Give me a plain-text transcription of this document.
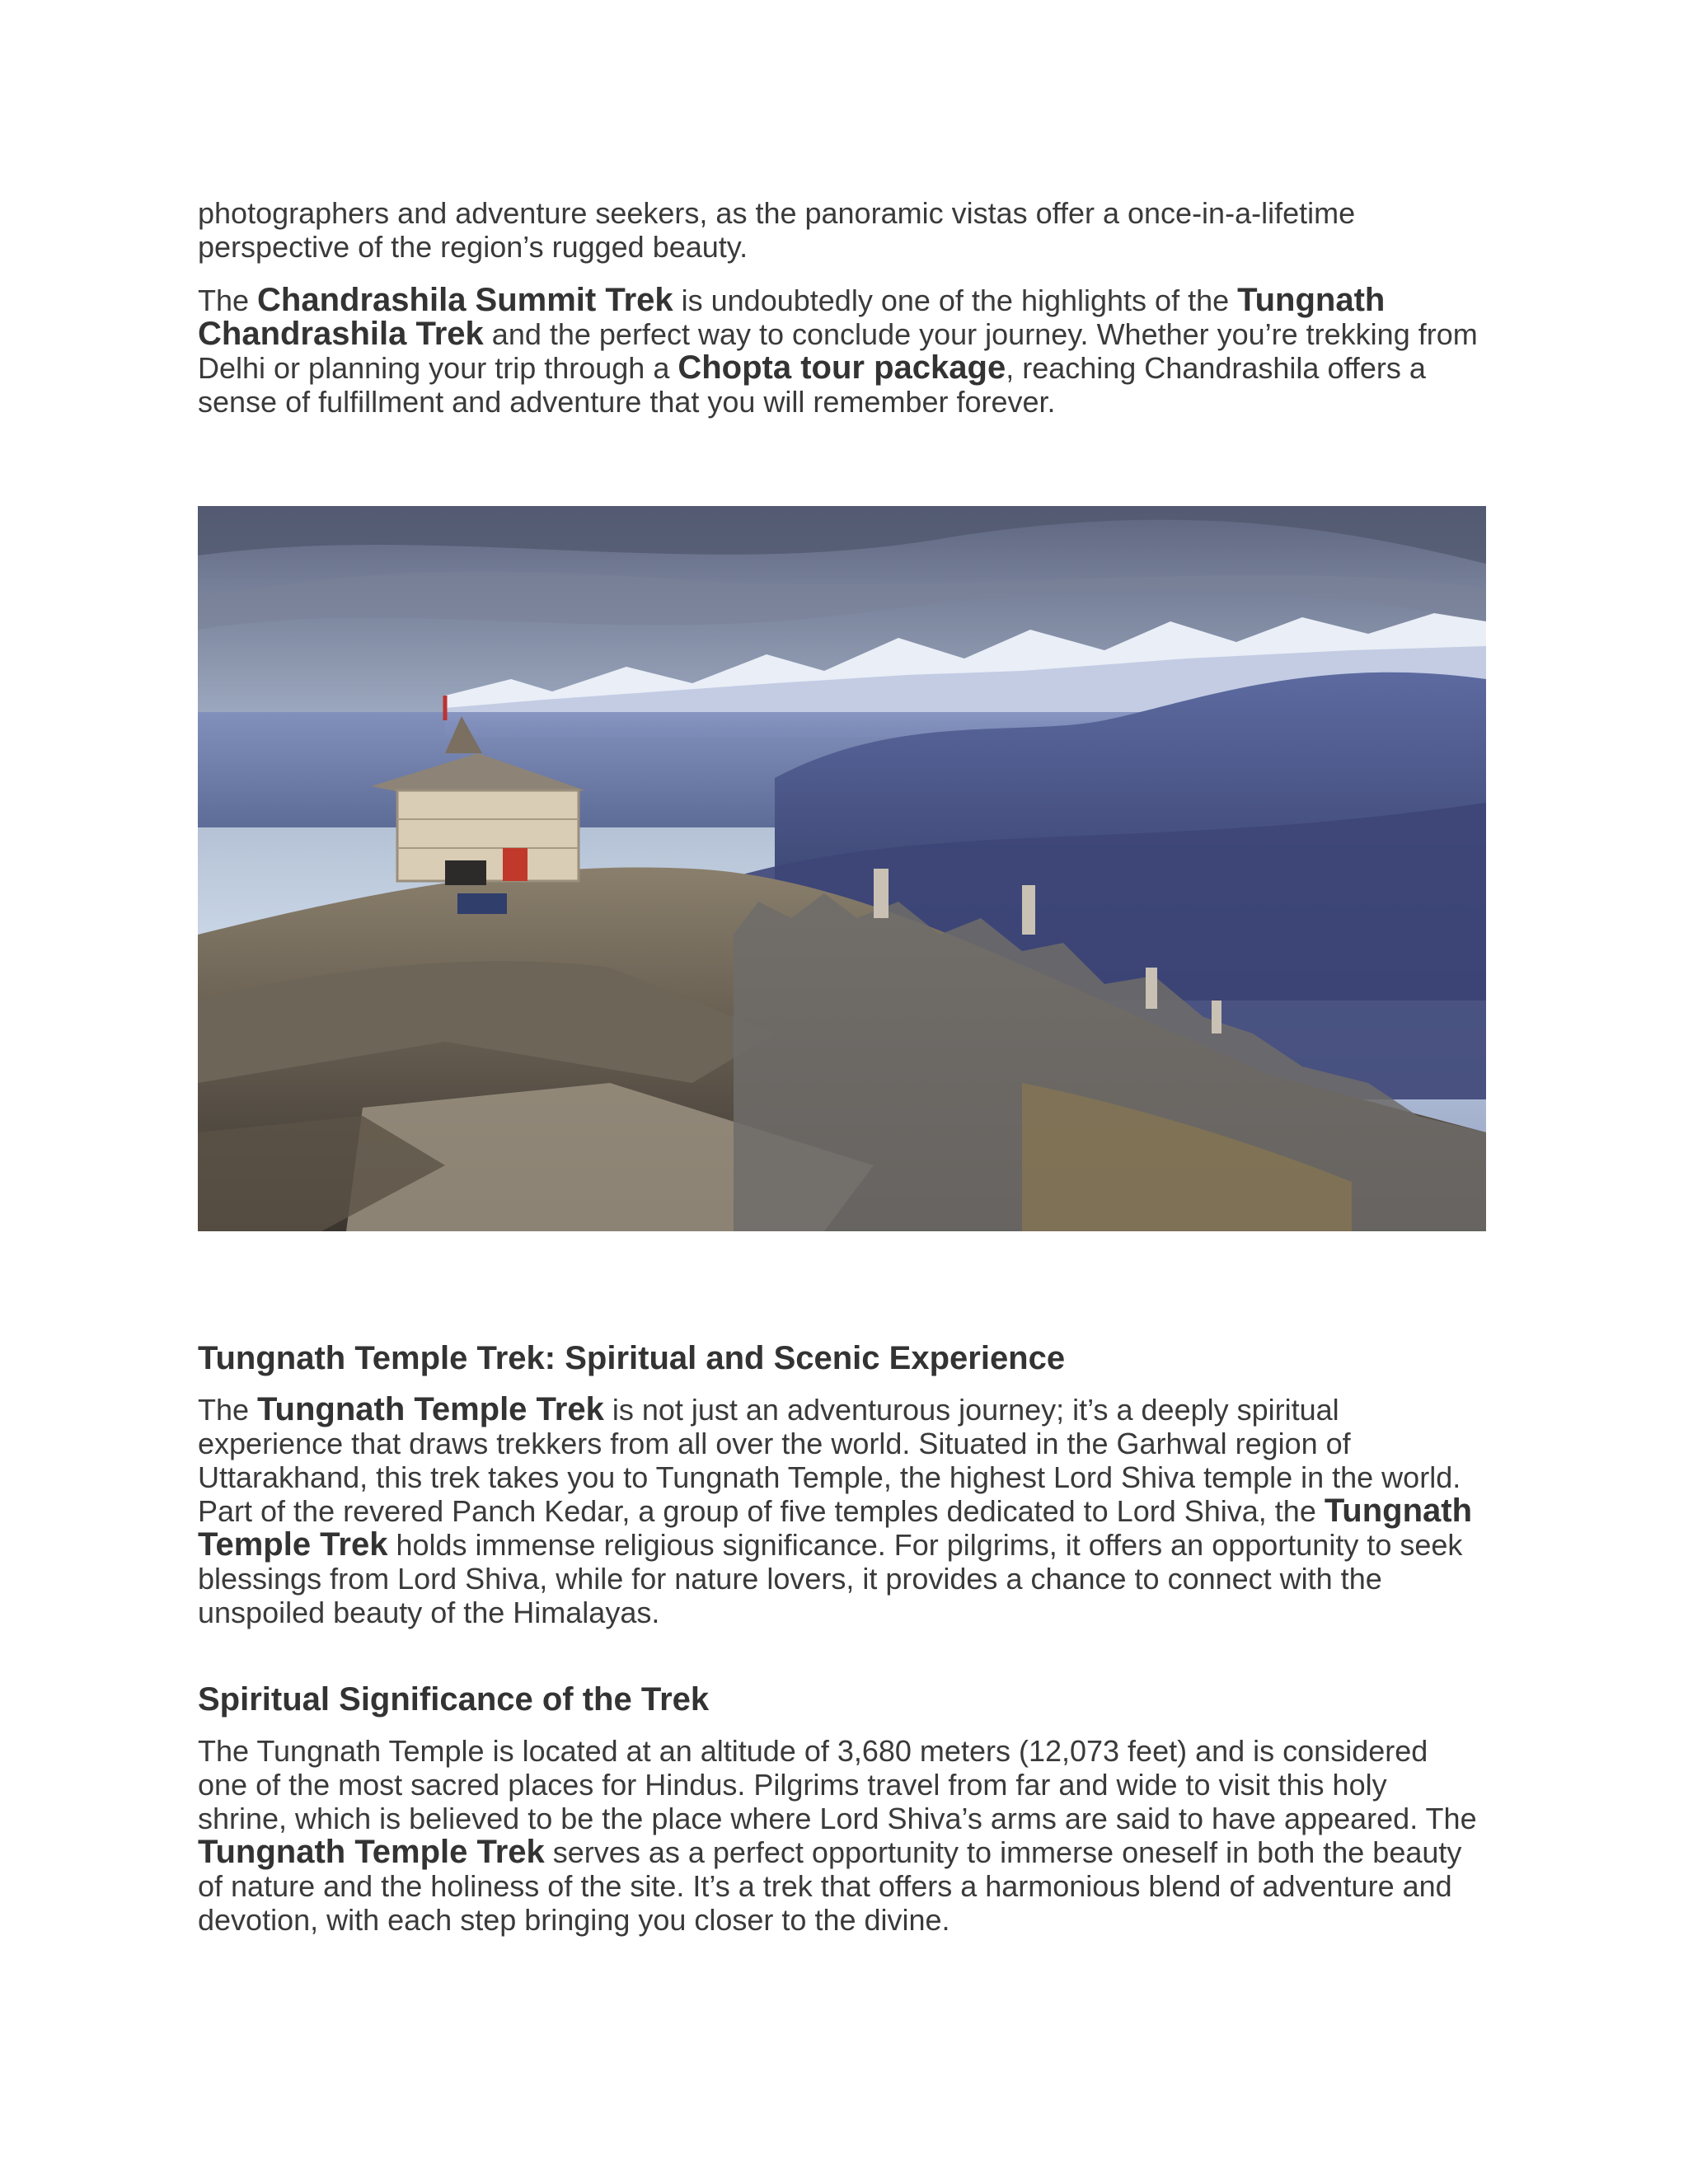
photographers and adventure seekers, as the panoramic vistas offer a once-in-a-lifetime perspective of the region’s rugged beauty.

The Chandrashila Summit Trek is undoubtedly one of the highlights of the Tungnath Chandrashila Trek and the perfect way to conclude your journey. Whether you’re trekking from Delhi or planning your trip through a Chopta tour package, reaching Chandrashila offers a sense of fulfillment and adventure that you will remember forever.

Tungnath Temple Trek: Spiritual and Scenic Experience

The Tungnath Temple Trek is not just an adventurous journey; it’s a deeply spiritual experience that draws trekkers from all over the world. Situated in the Garhwal region of Uttarakhand, this trek takes you to Tungnath Temple, the highest Lord Shiva temple in the world. Part of the revered Panch Kedar, a group of five temples dedicated to Lord Shiva, the Tungnath Temple Trek holds immense religious significance. For pilgrims, it offers an opportunity to seek blessings from Lord Shiva, while for nature lovers, it provides a chance to connect with the unspoiled beauty of the Himalayas.

Spiritual Significance of the Trek

The Tungnath Temple is located at an altitude of 3,680 meters (12,073 feet) and is considered one of the most sacred places for Hindus. Pilgrims travel from far and wide to visit this holy shrine, which is believed to be the place where Lord Shiva’s arms are said to have appeared. The Tungnath Temple Trek serves as a perfect opportunity to immerse oneself in both the beauty of nature and the holiness of the site. It’s a trek that offers a harmonious blend of adventure and devotion, with each step bringing you closer to the divine.
